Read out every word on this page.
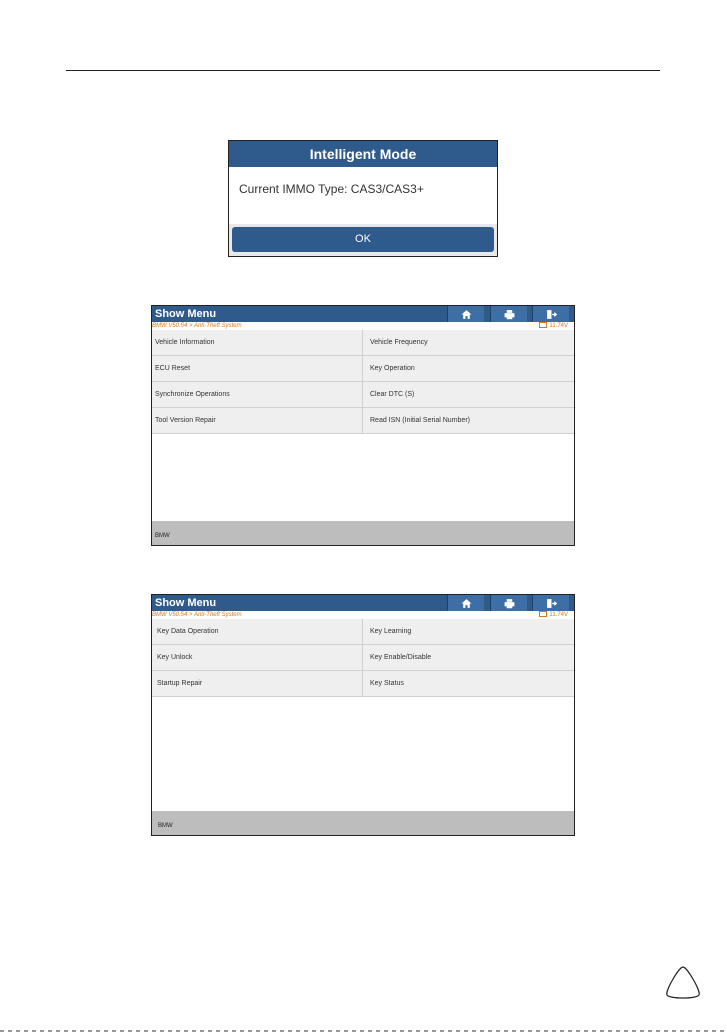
Intelligent Mode
Current IMMO Type: CAS3/CAS3+
OK
Show Menu
BMW V50.54 > Anti-Theft System	11.74V
Vehicle Information	Vehicle Frequency
ECU Reset	Key Operation
Synchronize Operations	Clear DTC (S)
Tool Version Repair	Read ISN (Initial Serial Number)
BMW
Show Menu
BMW V50.54 > Anti-Theft System	11.74V
Key Data Operation	Key Learning
Key Unlock	Key Enable/Disable
Startup Repair	Key Status
BMW
